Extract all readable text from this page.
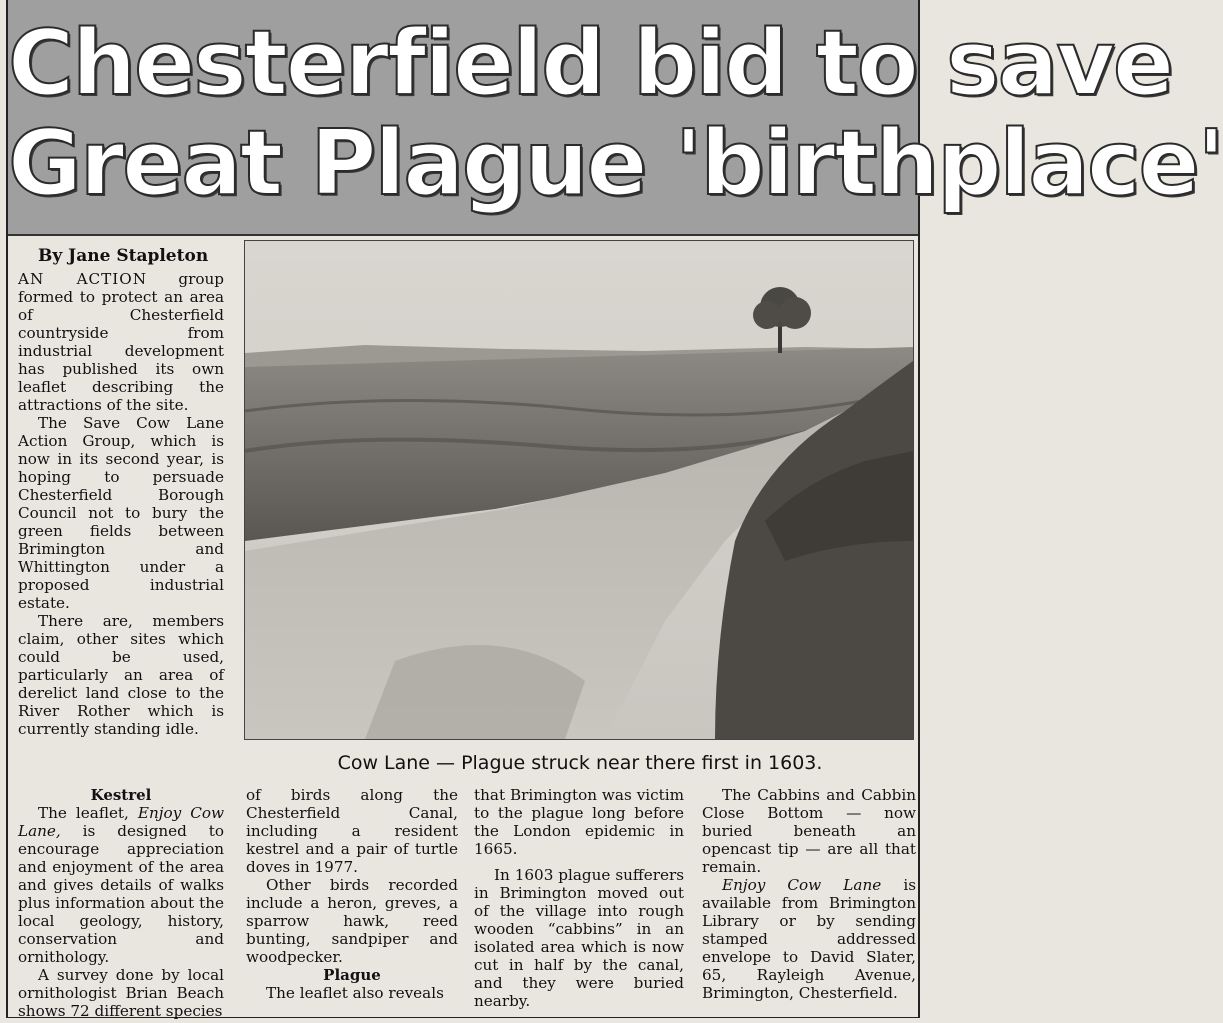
Chesterfield bid to save
Great Plague 'birthplace'
By Jane Stapleton

AN ACTION group formed to protect an area of Chesterfield countryside from industrial development has published its own leaflet describing the attractions of the site.

The Save Cow Lane Action Group, which is now in its second year, is hoping to persuade Chesterfield Borough Council not to bury the green fields between Brimington and Whittington under a proposed industrial estate.

There are, members claim, other sites which could be used, particularly an area of derelict land close to the River Rother which is currently standing idle.

Kestrel

The leaflet, Enjoy Cow Lane, is designed to encourage appreciation and enjoyment of the area and gives details of walks plus information about the local geology, history, conservation and ornithology.

A survey done by local ornithologist Brian Beach shows 72 different species

of birds along the Chesterfield Canal, including a resident kestrel and a pair of turtle doves in 1977.

Other birds recorded include a heron, greves, a sparrow hawk, reed bunting, sandpiper and woodpecker.

Plague

The leaflet also reveals

that Brimington was victim to the plague long before the London epidemic in 1665.

In 1603 plague sufferers in Brimington moved out of the village into rough wooden “cabbins” in an isolated area which is now cut in half by the canal, and they were buried nearby.

The Cabbins and Cabbin Close Bottom — now buried beneath an opencast tip — are all that remain.

Enjoy Cow Lane is available from Brimington Library or by sending stamped addressed envelope to David Slater, 65, Rayleigh Avenue, Brimington, Chesterfield.

Cow Lane — Plague struck near there first in 1603.
